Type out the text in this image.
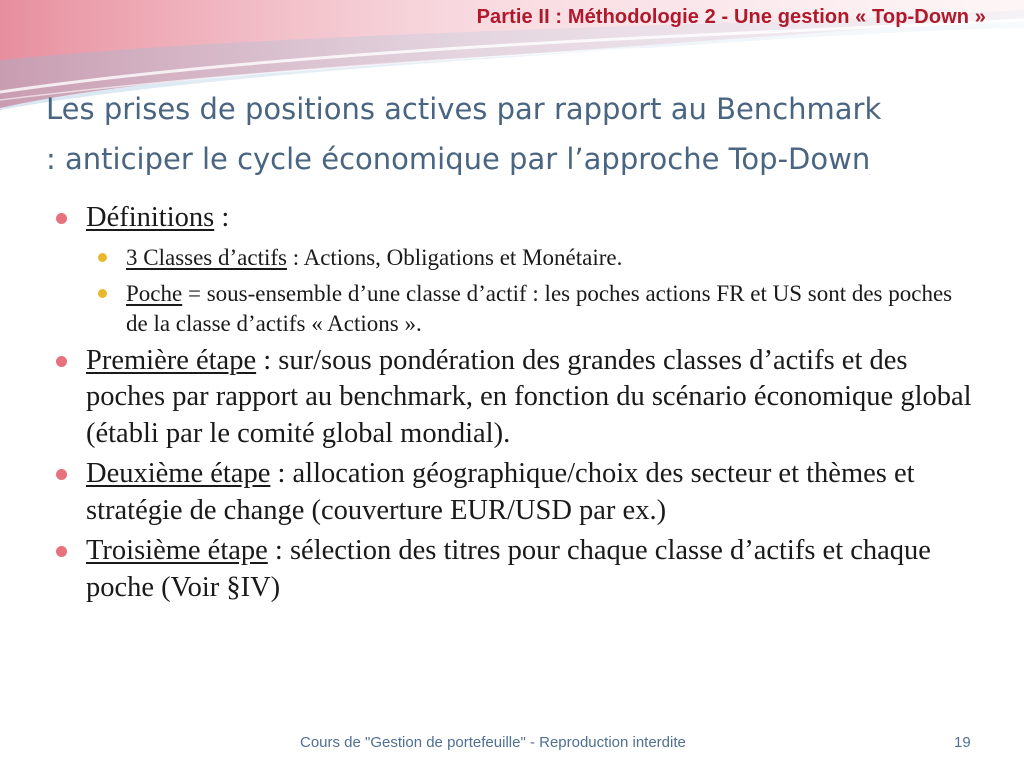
Partie II : Méthodologie 2 - Une gestion « Top-Down »
Les prises de positions actives par rapport au Benchmark
: anticiper le cycle économique par l’approche Top-Down
Définitions :
3 Classes d’actifs : Actions, Obligations et Monétaire.
Poche = sous-ensemble d’une classe d’actif : les poches actions FR et US sont des poches de la classe d’actifs « Actions ».
Première étape : sur/sous pondération des grandes classes d’actifs et des poches par rapport au benchmark, en fonction du scénario économique global (établi par le comité global mondial).
Deuxième étape : allocation géographique/choix des secteur et thèmes et stratégie de change (couverture EUR/USD par ex.)
Troisième étape : sélection des titres pour chaque classe d’actifs et chaque poche (Voir §IV)
Cours de "Gestion de portefeuille" - Reproduction interdite	19
